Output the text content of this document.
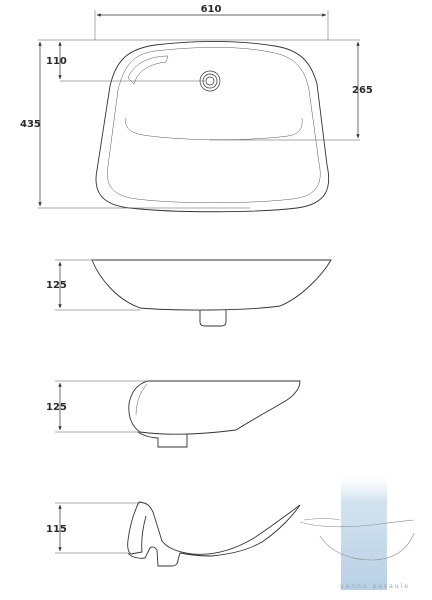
610
435
110
265
125
125
115
vannu pasaule
